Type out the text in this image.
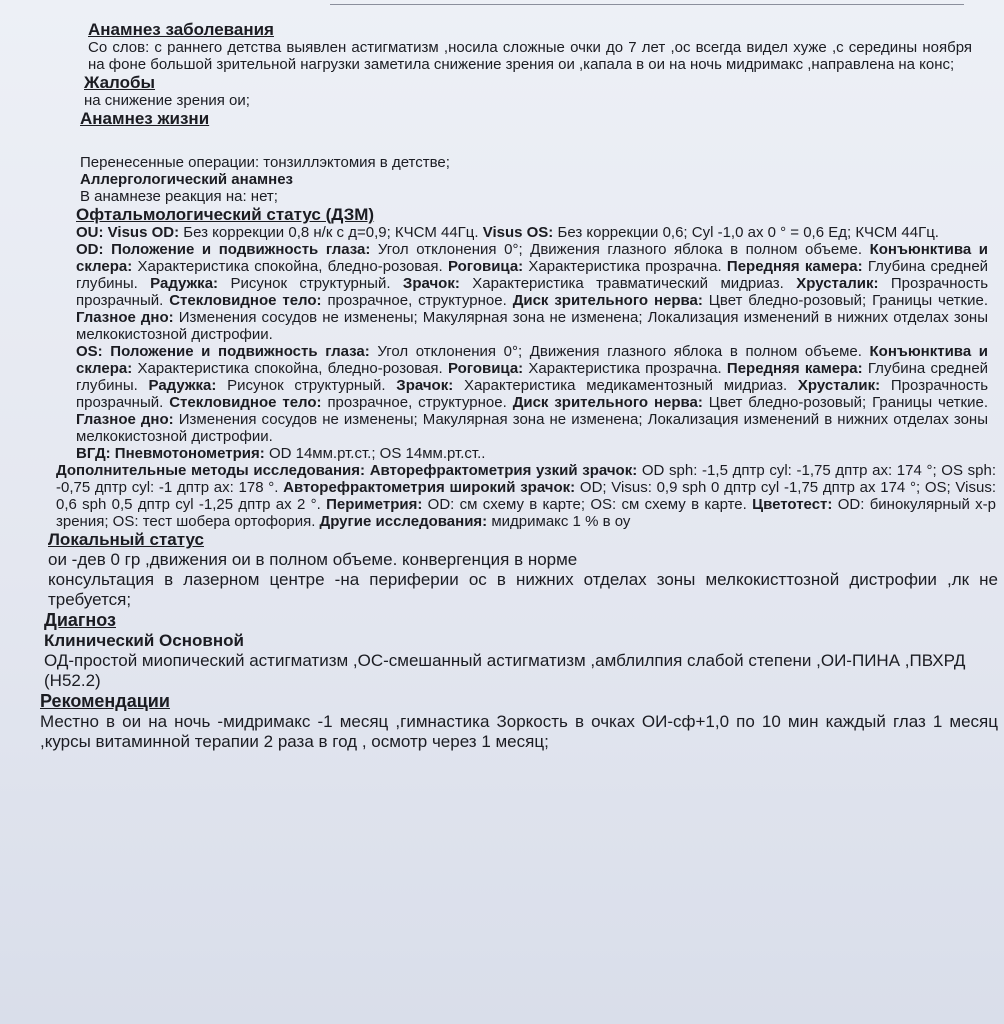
Анамнез заболевания

Со слов: с раннего детства выявлен астигматизм ,носила сложные очки до 7 лет ,ос всегда видел хуже ,с середины ноября на фоне большой зрительной нагрузки заметила снижение зрения ои ,капала в ои на ночь мидримакс ,направлена на конс;

Жалобы

на снижение зрения ои;

Анамнез жизни

Перенесенные операции: тонзиллэктомия в детстве;

Аллергологический анамнез

В анамнезе реакция на: нет;

Офтальмологический статус (ДЗМ)

OU: Visus OD: Без коррекции 0,8 н/к с д=0,9; КЧСМ 44Гц. Visus OS: Без коррекции 0,6; Cyl -1,0 ax 0 ° = 0,6 Ед; КЧСМ 44Гц.

OD: Положение и подвижность глаза: Угол отклонения 0°; Движения глазного яблока в полном объеме. Конъюнктива и склера: Характеристика спокойна, бледно-розовая. Роговица: Характеристика прозрачна. Передняя камера: Глубина средней глубины. Радужка: Рисунок структурный. Зрачок: Характеристика травматический мидриаз. Хрусталик: Прозрачность прозрачный. Стекловидное тело: прозрачное, структурное. Диск зрительного нерва: Цвет бледно-розовый; Границы четкие. Глазное дно: Изменения сосудов не изменены; Макулярная зона не изменена; Локализация изменений в нижних отделах зоны мелкокистозной дистрофии.

OS: Положение и подвижность глаза: Угол отклонения 0°; Движения глазного яблока в полном объеме. Конъюнктива и склера: Характеристика спокойна, бледно-розовая. Роговица: Характеристика прозрачна. Передняя камера: Глубина средней глубины. Радужка: Рисунок структурный. Зрачок: Характеристика медикаментозный мидриаз. Хрусталик: Прозрачность прозрачный. Стекловидное тело: прозрачное, структурное. Диск зрительного нерва: Цвет бледно-розовый; Границы четкие. Глазное дно: Изменения сосудов не изменены; Макулярная зона не изменена; Локализация изменений в нижних отделах зоны мелкокистозной дистрофии.

ВГД: Пневмотонометрия: OD 14мм.рт.ст.; OS 14мм.рт.ст..

Дополнительные методы исследования: Авторефрактометрия узкий зрачок: OD sph: -1,5 дптр cyl: -1,75 дптр ax: 174 °; OS sph: -0,75 дптр cyl: -1 дптр ax: 178 °. Авторефрактометрия широкий зрачок: OD; Visus: 0,9 sph 0 дптр cyl -1,75 дптр ax 174 °; OS; Visus: 0,6 sph 0,5 дптр cyl -1,25 дптр ax 2 °. Периметрия: OD: см схему в карте; OS: см схему в карте. Цветотест: OD: бинокулярный х-р зрения; OS: тест шобера ортофория. Другие исследования: мидримакс 1 % в оу

Локальный статус

ои -дев 0 гр ,движения ои в полном объеме. конвергенция в норме

консультация в лазерном центре -на периферии ос в нижних отделах зоны мелкокисттозной дистрофии ,лк не требуется;

Диагноз
Клинический Основной

ОД-простой миопический астигматизм ,ОС-смешанный астигматизм ,амблилпия слабой степени ,ОИ-ПИНА ,ПВХРД (Н52.2)

Рекомендации

Местно в ои на ночь -мидримакс -1 месяц ,гимнастика Зоркость в очках ОИ-сф+1,0 по 10 мин каждый глаз 1 месяц ,курсы витаминной терапии 2 раза в год , осмотр через 1 месяц;
